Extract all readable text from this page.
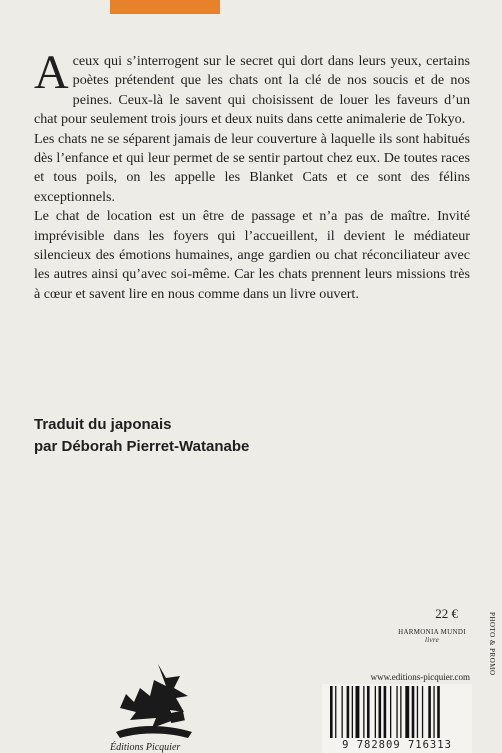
Aceux qui s’interrogent sur le secret qui dort dans leurs yeux, certains poètes prétendent que les chats ont la clé de nos soucis et de nos peines. Ceux-là le savent qui choisissent de louer les faveurs d’un chat pour seulement trois jours et deux nuits dans cette animalerie de Tokyo.

Les chats ne se séparent jamais de leur couverture à laquelle ils sont habitués dès l’enfance et qui leur permet de se sentir partout chez eux. De toutes races et tous poils, on les appelle les Blanket Cats et ce sont des félins exceptionnels.

Le chat de location est un être de passage et n’a pas de maître. Invité imprévisible dans les foyers qui l’accueillent, il devient le médiateur silencieux des émotions humaines, ange gardien ou chat réconciliateur avec les autres ainsi qu’avec soi-même. Car les chats prennent leurs missions très à cœur et savent lire en nous comme dans un livre ouvert.

Traduit du japonais
par Déborah Pierret-Watanabe
22 €
HARMONIA MUNDI
livre	PHOTO & PROMO
www.editions-picquier.com
9 782809 716313
Éditions Picquier
